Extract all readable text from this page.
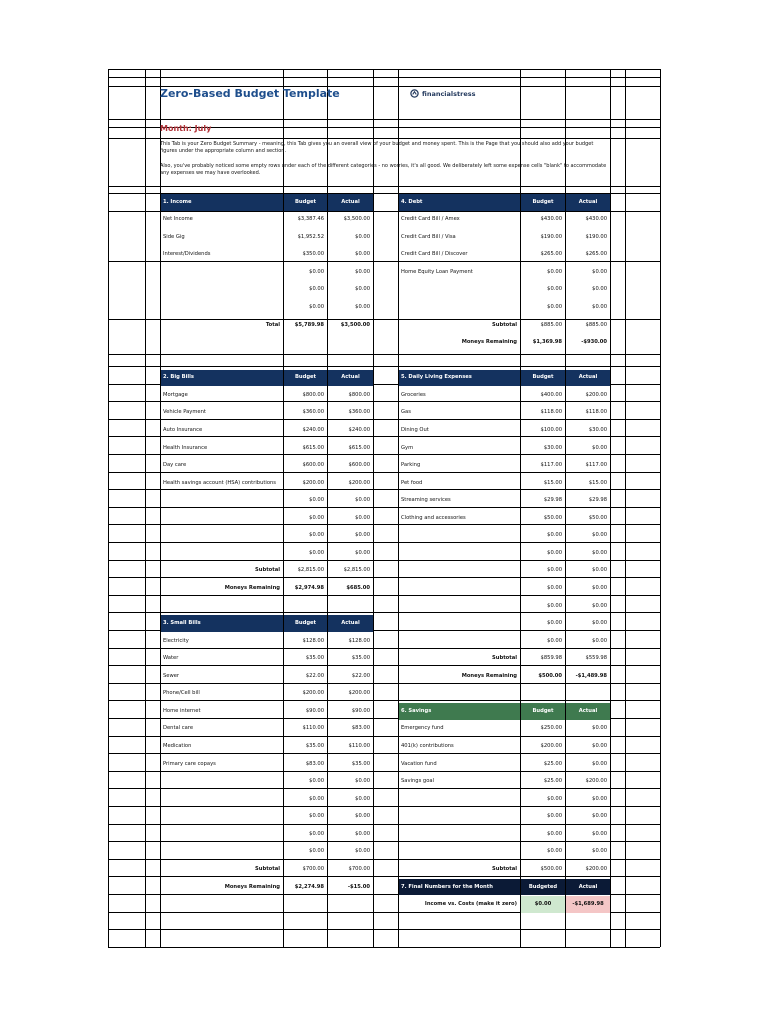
Zero-Based Budget Template	financialstress
Month: July
This Tab is your Zero Budget Summary - meaning, this Tab gives you an overall view of your budget and money spent. This is the Page that you should also add your budget figures under the appropriate column and section.
Also, you've probably noticed some empty rows under each of the different categories - no worries, it's all good. We deliberately left some expense cells "blank" to accommodate any expenses we may have overlooked.
1. Income	Budget	Actual
Net Income	$3,387.46	$3,500.00
Side Gig	$1,952.52	$0.00
Interest/Dividends	$350.00	$0.00
$0.00	$0.00
$0.00	$0.00
$0.00	$0.00
Total	$5,789.98	$3,500.00
4. Debt	Budget	Actual
Credit Card Bill / Amex	$430.00	$430.00
Credit Card Bill / Visa	$190.00	$190.00
Credit Card Bill / Discover	$265.00	$265.00
Home Equity Loan Payment	$0.00	$0.00
$0.00	$0.00
$0.00	$0.00
Subtotal	$885.00	$885.00
Moneys Remaining	$1,369.98	-$930.00
2. Big Bills	Budget	Actual
Mortgage	$800.00	$800.00
Vehicle Payment	$360.00	$360.00
Auto Insurance	$240.00	$240.00
Health Insurance	$615.00	$615.00
Day care	$600.00	$600.00
Health savings account (HSA) contributions	$200.00	$200.00
$0.00	$0.00
$0.00	$0.00
$0.00	$0.00
$0.00	$0.00
Subtotal	$2,815.00	$2,815.00
Moneys Remaining	$2,974.98	$685.00
5. Daily Living Expenses	Budget	Actual
Groceries	$400.00	$200.00
Gas	$118.00	$118.00
Dining Out	$100.00	$30.00
Gym	$30.00	$0.00
Parking	$117.00	$117.00
Pet food	$15.00	$15.00
Streaming services	$29.98	$29.98
Clothing and accessories	$50.00	$50.00
$0.00	$0.00
$0.00	$0.00
$0.00	$0.00
$0.00	$0.00
$0.00	$0.00
$0.00	$0.00
$0.00	$0.00
Subtotal	$859.98	$559.98
Moneys Remaining	$500.00	-$1,489.98
3. Small Bills	Budget	Actual
Electricity	$128.00	$128.00
Water	$35.00	$35.00
Sewer	$22.00	$22.00
Phone/Cell bill	$200.00	$200.00
Home internet	$90.00	$90.00
Dental care	$110.00	$83.00
Medication	$35.00	$110.00
Primary care copays	$83.00	$35.00
$0.00	$0.00
$0.00	$0.00
$0.00	$0.00
$0.00	$0.00
$0.00	$0.00
Subtotal	$700.00	$700.00
Moneys Remaining	$2,274.98	-$15.00
6. Savings	Budget	Actual
Emergency fund	$250.00	$0.00
401(k) contributions	$200.00	$0.00
Vacation fund	$25.00	$0.00
Savings goal	$25.00	$200.00
$0.00	$0.00
$0.00	$0.00
$0.00	$0.00
$0.00	$0.00
Subtotal	$500.00	$200.00
7. Final Numbers for the Month	Budgeted	Actual
Income vs. Costs (make it zero)	$0.00	-$1,689.98
